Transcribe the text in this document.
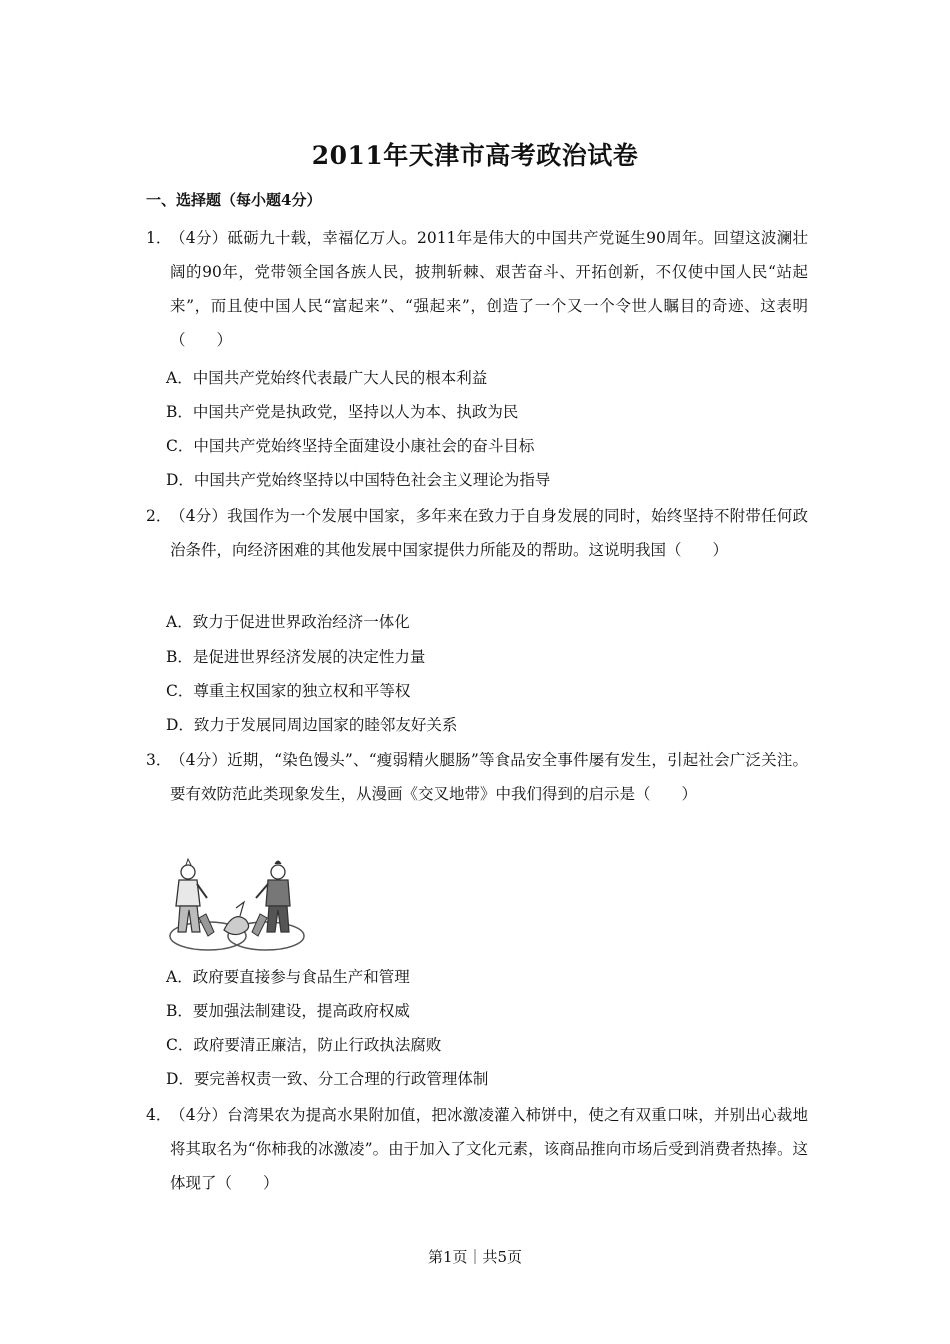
2011年天津市高考政治试卷
一、选择题（每小题4分）
1．
（4分）砥砺九十载，幸福亿万人。2011年是伟大的中国共产党诞生90周年。回望这波澜壮阔的90年，党带领全国各族人民，披荆斩棘、艰苦奋斗、开拓创新，不仅使中国人民“站起来”，而且使中国人民“富起来”、“强起来”，创造了一个又一个令世人瞩目的奇迹、这表明（　　）
A．中国共产党始终代表最广大人民的根本利益
B．中国共产党是执政党，坚持以人为本、执政为民
C．中国共产党始终坚持全面建设小康社会的奋斗目标
D．中国共产党始终坚持以中国特色社会主义理论为指导
2．
（4分）我国作为一个发展中国家，多年来在致力于自身发展的同时，始终坚持不附带任何政治条件，向经济困难的其他发展中国家提供力所能及的帮助。这说明我国（　　）
A．致力于促进世界政治经济一体化
B．是促进世界经济发展的决定性力量
C．尊重主权国家的独立权和平等权
D．致力于发展同周边国家的睦邻友好关系
3．
（4分）近期，“染色馒头”、“瘦弱精火腿肠”等食品安全事件屡有发生，引起社会广泛关注。要有效防范此类现象发生，从漫画《交叉地带》中我们得到的启示是（　　）
A．政府要直接参与食品生产和管理
B．要加强法制建设，提高政府权威
C．政府要清正廉洁，防止行政执法腐败
D．要完善权责一致、分工合理的行政管理体制
4．
（4分）台湾果农为提高水果附加值，把冰激凌灌入柿饼中，使之有双重口味，并别出心裁地将其取名为“你柿我的冰激凌”。由于加入了文化元素，该商品推向市场后受到消费者热捧。这体现了（　　）
第1页｜共5页
